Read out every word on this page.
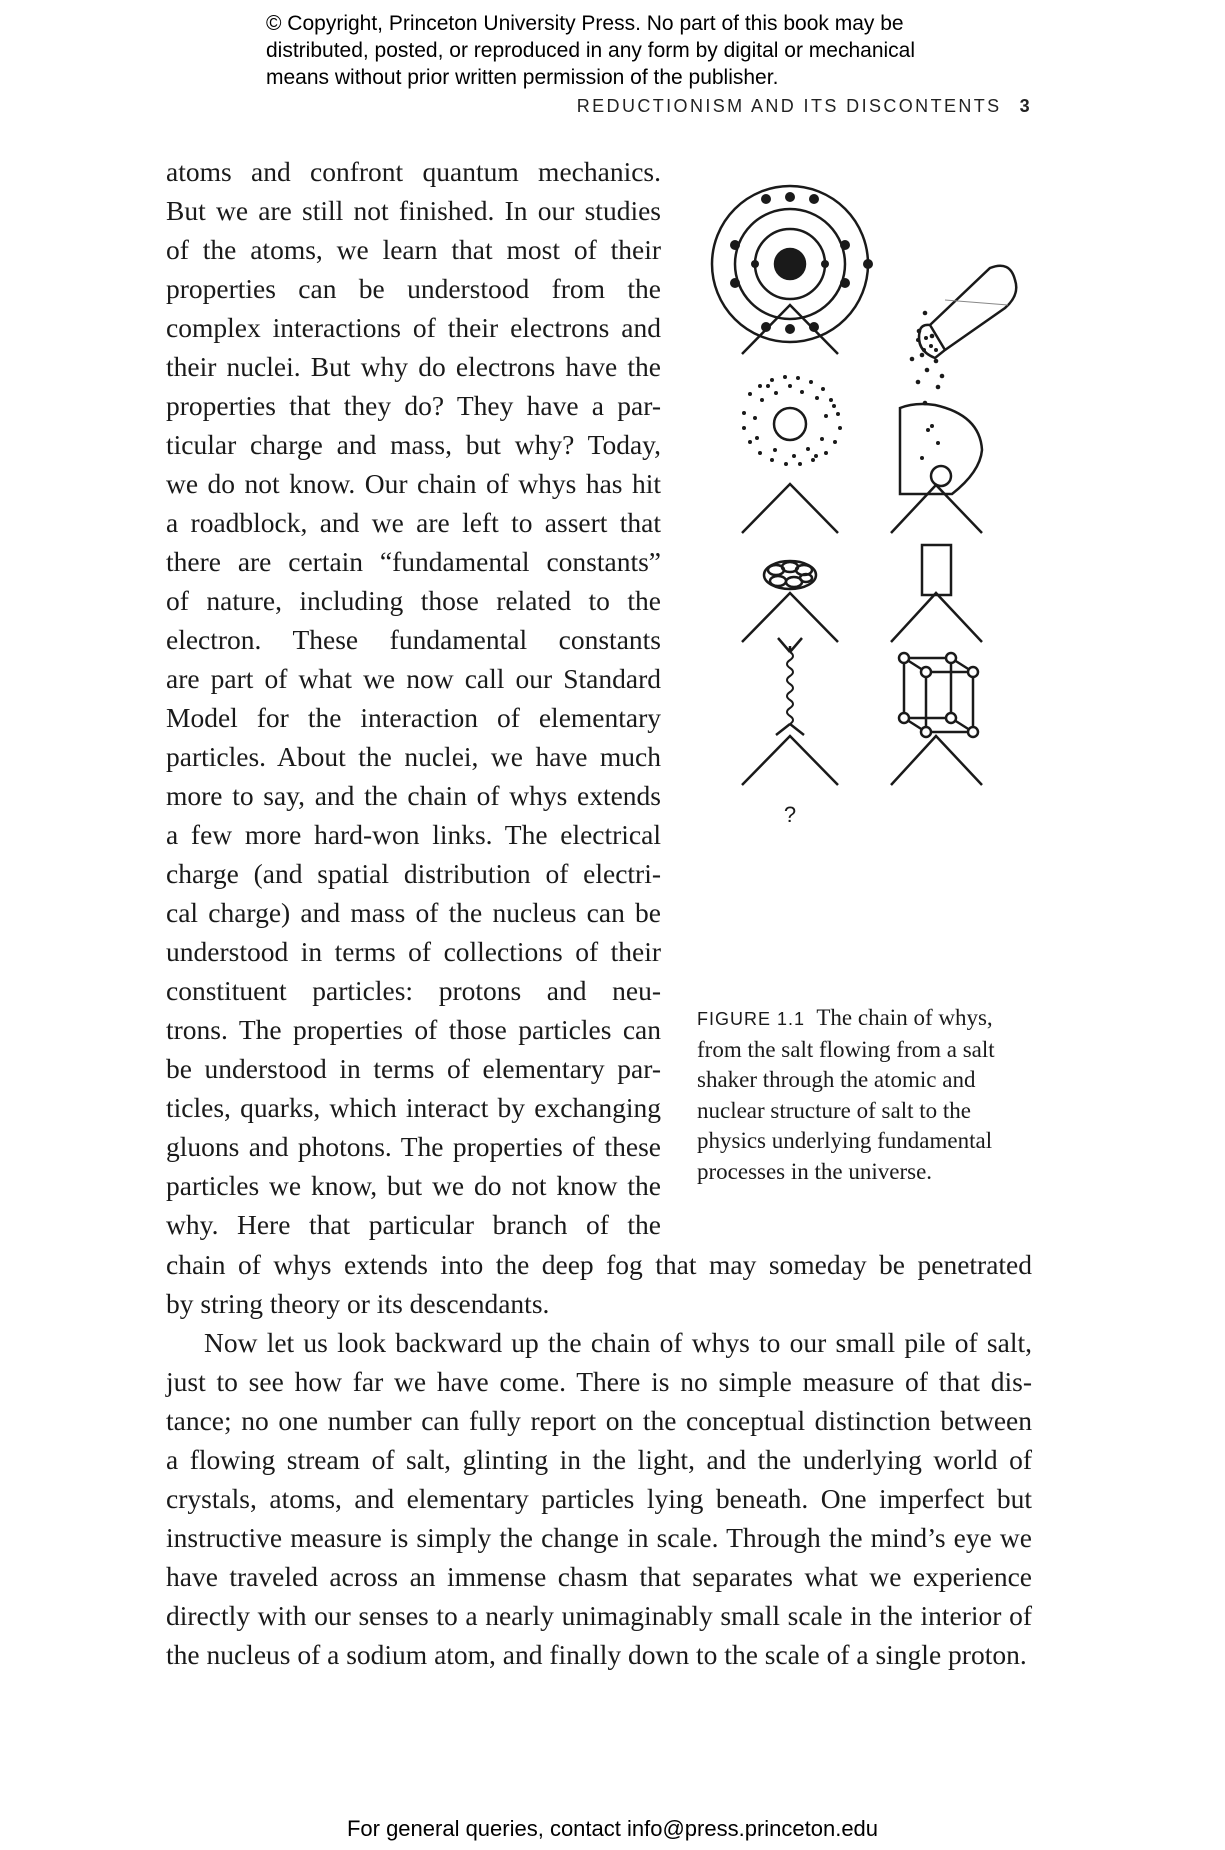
© Copyright, Princeton University Press. No part of this book may be
distributed, posted, or reproduced in any form by digital or mechanical
means without prior written permission of the publisher.
REDUCTIONISM AND ITS DISCONTENTS 3
atoms and confront quantum mechanics.
But we are still not finished. In our studies
of the atoms, we learn that most of their
properties can be understood from the
complex interactions of their electrons and
their nuclei. But why do electrons have the
properties that they do? They have a par-
ticular charge and mass, but why? Today,
we do not know. Our chain of whys has hit
a roadblock, and we are left to assert that
there are certain “fundamental constants”
of nature, including those related to the
electron. These fundamental constants
are part of what we now call our Standard
Model for the interaction of elementary
particles. About the nuclei, we have much
more to say, and the chain of whys extends
a few more hard-won links. The electrical
charge (and spatial distribution of electri-
cal charge) and mass of the nucleus can be
understood in terms of collections of their
constituent particles: protons and neu-
trons. The properties of those particles can
be understood in terms of elementary par-
ticles, quarks, which interact by exchanging
gluons and photons. The properties of these
particles we know, but we do not know the
why. Here that particular branch of the
?
FIGURE 1.1 The chain of whys, from the salt flowing from a salt shaker through the atomic and nuclear structure of salt to the physics underlying fundamental processes in the universe.
chain of whys extends into the deep fog that may someday be penetrated
by string theory or its descendants.
Now let us look backward up the chain of whys to our small pile of salt,
just to see how far we have come. There is no simple measure of that dis-
tance; no one number can fully report on the conceptual distinction between
a flowing stream of salt, glinting in the light, and the underlying world of
crystals, atoms, and elementary particles lying beneath. One imperfect but
instructive measure is simply the change in scale. Through the mind’s eye we
have traveled across an immense chasm that separates what we experience
directly with our senses to a nearly unimaginably small scale in the interior of
the nucleus of a sodium atom, and finally down to the scale of a single proton.
For general queries, contact info@press.princeton.edu
